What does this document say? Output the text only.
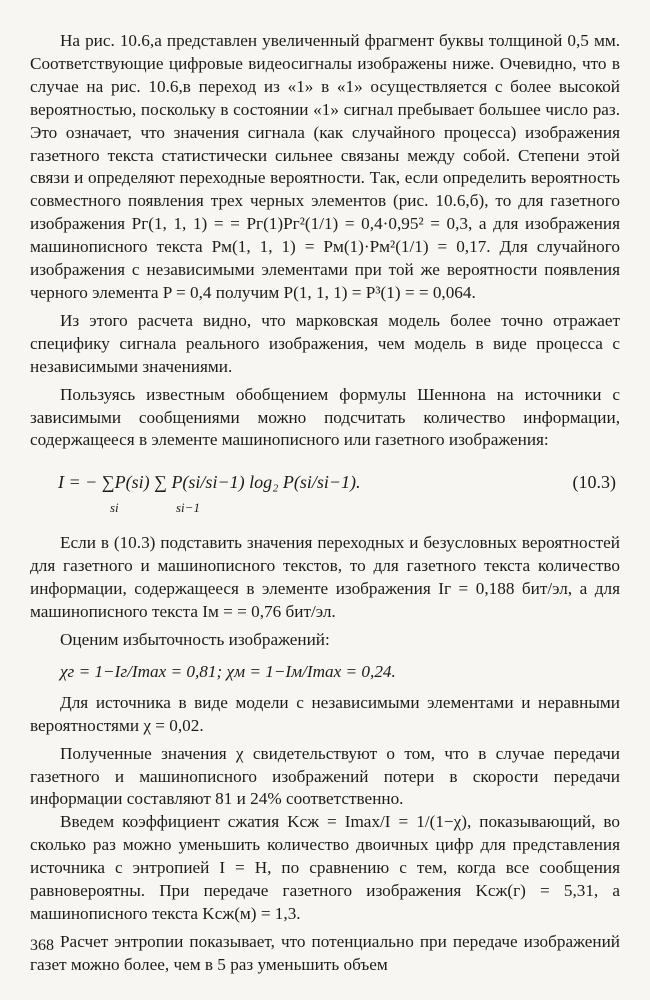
На рис. 10.6,а представлен увеличенный фрагмент буквы толщиной 0,5 мм. Соответствующие цифровые видеосигналы изображены ниже. Очевидно, что в случае на рис. 10.6,в переход из «1» в «1» осуществляется с более высокой вероятностью, поскольку в состоянии «1» сигнал пребывает большее число раз. Это означает, что значения сигнала (как случайного процесса) изображения газетного текста статистически сильнее связаны между собой. Степени этой связи и определяют переходные вероятности. Так, если определить вероятность совместного появления трех черных элементов (рис. 10.6,б), то для газетного изображения Pг(1, 1, 1) = = Pг(1)Pг²(1/1) = 0,4·0,95² = 0,3, а для изображения машинописного текста Pм(1, 1, 1) = Pм(1)·Pм²(1/1) = 0,17. Для случайного изображения с независимыми элементами при той же вероятности появления черного элемента P = 0,4 получим P(1, 1, 1) = P³(1) = = 0,064.

Из этого расчета видно, что марковская модель более точно отражает специфику сигнала реального изображения, чем модель в виде процесса с независимыми значениями.

Пользуясь известным обобщением формулы Шеннона на источники с зависимыми сообщениями можно подсчитать количество информации, содержащееся в элементе машинописного или газетного изображения:

I = − ∑P(si) ∑ P(si/si−1) log₂ P(si/si−1).
si	si−1
(10.3)

Если в (10.3) подставить значения переходных и безусловных вероятностей для газетного и машинописного текстов, то для газетного текста количество информации, содержащееся в элементе изображения Iг = 0,188 бит/эл, а для машинописного текста Iм = = 0,76 бит/эл.

Оценим избыточность изображений:

χг = 1−Iг/Imax = 0,81; χм = 1−Iм/Imax = 0,24.

Для источника в виде модели с независимыми элементами и неравными вероятностями χ = 0,02.

Полученные значения χ свидетельствуют о том, что в случае передачи газетного и машинописного изображений потери в скорости передачи информации составляют 81 и 24% соответственно.

Введем коэффициент сжатия Kсж = Imax/I = 1/(1−χ), показывающий, во сколько раз можно уменьшить количество двоичных цифр для представления источника с энтропией I = H, по сравнению с тем, когда все сообщения равновероятны. При передаче газетного изображения Kсж(г) = 5,31, а машинописного текста Kсж(м) = 1,3.

Расчет энтропии показывает, что потенциально при передаче изображений газет можно более, чем в 5 раз уменьшить объем

368
